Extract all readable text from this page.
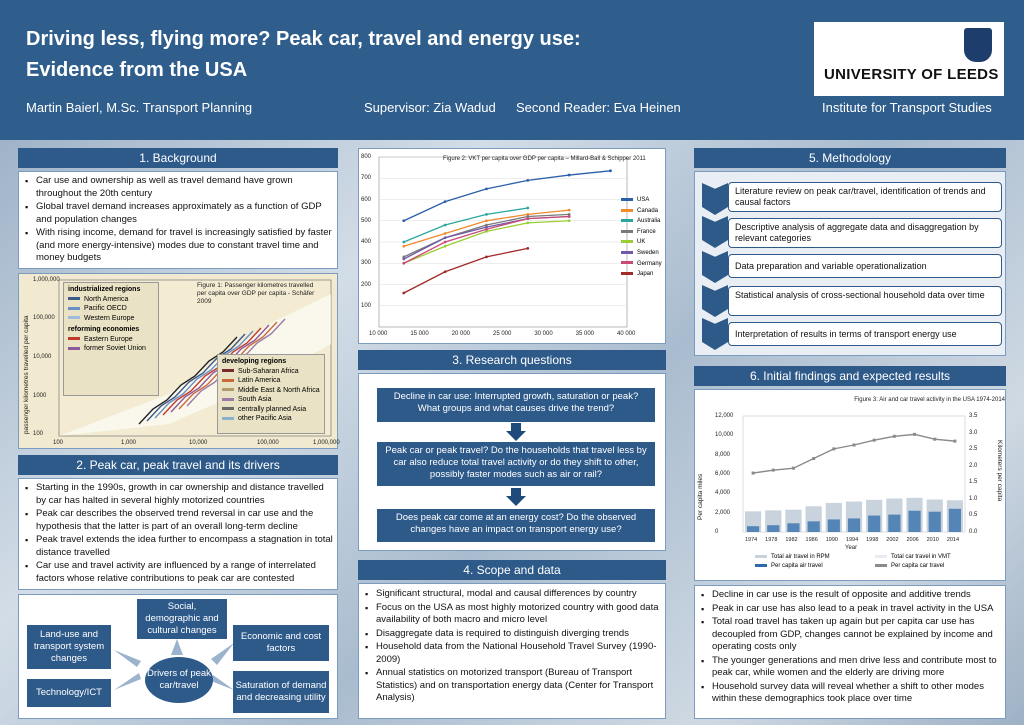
Driving less, flying more? Peak car, travel and energy use:
Evidence from the USA
Martin Baierl, M.Sc. Transport Planning	Supervisor: Zia Wadud Second Reader: Eva Heinen	Institute for Transport Studies
UNIVERSITY OF LEEDS
1. Background
▪ Car use and ownership as well as travel demand have grown throughout the 20th century
▪ Global travel demand increases approximately as a function of GDP and population changes
▪ With rising income, demand for travel is increasingly satisfied by faster (and more energy-intensive) modes due to constant travel time and money budgets
1,000,000
100,000
10,000
1000
100
100	1,000	10,000	100,000	1,000,000
passenger kilometres travelled per capita
Figure 1: Passenger kilometres travelled per capita over GDP per capita - Schäfer 2009
industrialized regions
North America
Pacific OECD
Western Europe
reforming economies
Eastern Europe
former Soviet Union
developing regions
Sub-Saharan Africa
Latin America
Middle East & North Africa
South Asia
centrally planned Asia
other Pacific Asia
2. Peak car, peak travel and its drivers
▪ Starting in the 1990s, growth in car ownership and distance travelled by car has halted in several highly motorized countries
▪ Peak car describes the observed trend reversal in car use and the hypothesis that the latter is part of an overall long-term decline
▪ Peak travel extends the idea further to encompass a stagnation in total distance travelled
▪ Car use and travel activity are influenced by a range of interrelated factors whose relative contributions to peak car are contested
Social, demographic and cultural changes
Land-use and transport system changes
Economic and cost factors
Drivers of peak car/travel
Technology/ICT
Saturation of demand and decreasing utility
Figure 2: VKT per capita over GDP per capita – Millard-Ball & Schipper 2011
800
700
600
500
400
300
200
100
10 000	15 000	20 000	25 000	30 000	35 000	40 000
USA
Canada
Australia
France
UK
Sweden
Germany
Japan
3. Research questions
Decline in car use: Interrupted growth, saturation or peak? What groups and what causes drive the trend?
Peak car or peak travel? Do the households that travel less by car also reduce total travel activity or do they shift to other, possibly faster modes such as air or rail?
Does peak car come at an energy cost? Do the observed changes have an impact on transport energy use?
4. Scope and data
▪ Significant structural, modal and causal differences by country
▪ Focus on the USA as most highly motorized country with good data availability of both macro and micro level
▪ Disaggregate data is required to distinguish diverging trends
▪ Household data from the National Household Travel Survey (1990-2009)
▪ Annual statistics on motorized transport (Bureau of Transport Statistics) and on transportation energy data (Center for Transport Analysis)
5. Methodology
Literature review on peak car/travel, identification of trends and causal factors
Descriptive analysis of aggregate data and disaggregation by relevant categories
Data preparation and variable operationalization
Statistical analysis of cross-sectional household data over time
Interpretation of results in terms of transport energy use
6. Initial findings and expected results
Figure 3: Air and car travel activity in the USA 1974-2014
Per capita miles	Kilometers per capita
Year
12,000
10,000
8,000
6,000
4,000
2,000
0
3.5
3.0
2.5
2.0
1.5
1.0
0.5
0.0
1974 1978 1982 1986 1990 1994 1998 2002 2006 2010 2014
Total air travel in RPM	Total car travel in VMT
Per capita air travel	Per capita car travel
▪ Decline in car use is the result of opposite and additive trends
▪ Peak in car use has also lead to a peak in travel activity in the USA
▪ Total road travel has taken up again but per capita car use has decoupled from GDP, changes cannot be explained by income and operating costs only
▪ The younger generations and men drive less and contribute most to peak car, while women and the elderly are driving more
▪ Household survey data will reveal whether a shift to other modes within these demographics took place over time
